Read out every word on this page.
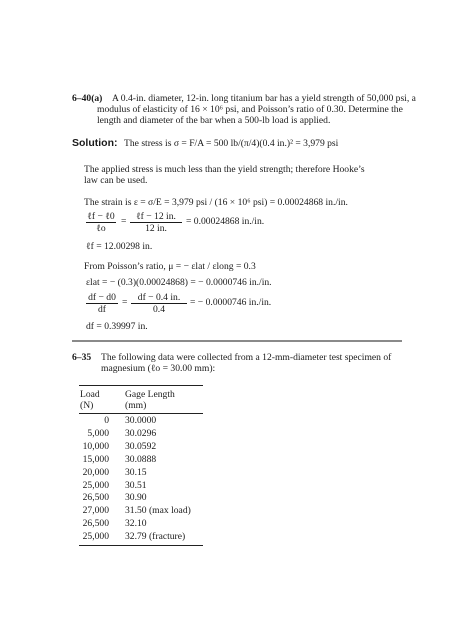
6–40(a) A 0.4-in. diameter, 12-in. long titanium bar has a yield strength of 50,000 psi, a
modulus of elasticity of 16 × 10⁶ psi, and Poisson’s ratio of 0.30. Determine the
length and diameter of the bar when a 500-lb load is applied.
Solution: The stress is σ = F/A = 500 lb/(π/4)(0.4 in.)² = 3,979 psi
The applied stress is much less than the yield strength; therefore Hooke’s
law can be used.
The strain is ε = σ/E = 3,979 psi / (16 × 10⁶ psi) = 0.00024868 in./in.
ℓf − ℓ0
ℓo
=	ℓf − 12 in.
12 in.
= 0.00024868 in./in.
ℓf = 12.00298 in.
From Poisson’s ratio, μ = − εlat / εlong = 0.3
εlat = − (0.3)(0.00024868) = − 0.0000746 in./in.
$\frac{df - d0}{df} = \frac{df - 0.4 in.}{0.4}$ = − 0.0000746 in./in.
df = 0.39997 in.
6–35 The following data were collected from a 12-mm-diameter test specimen of
magnesium (ℓo = 30.00 mm):
Load
(N)
Gage Length
(mm)
0 30.0000
5,000 30.0296
10,000 30.0592
15,000 30.0888
20,000 30.15
25,000 30.51
26,500 30.90
27,000 31.50 (max load)
26,500 32.10
25,000 32.79 (fracture)
